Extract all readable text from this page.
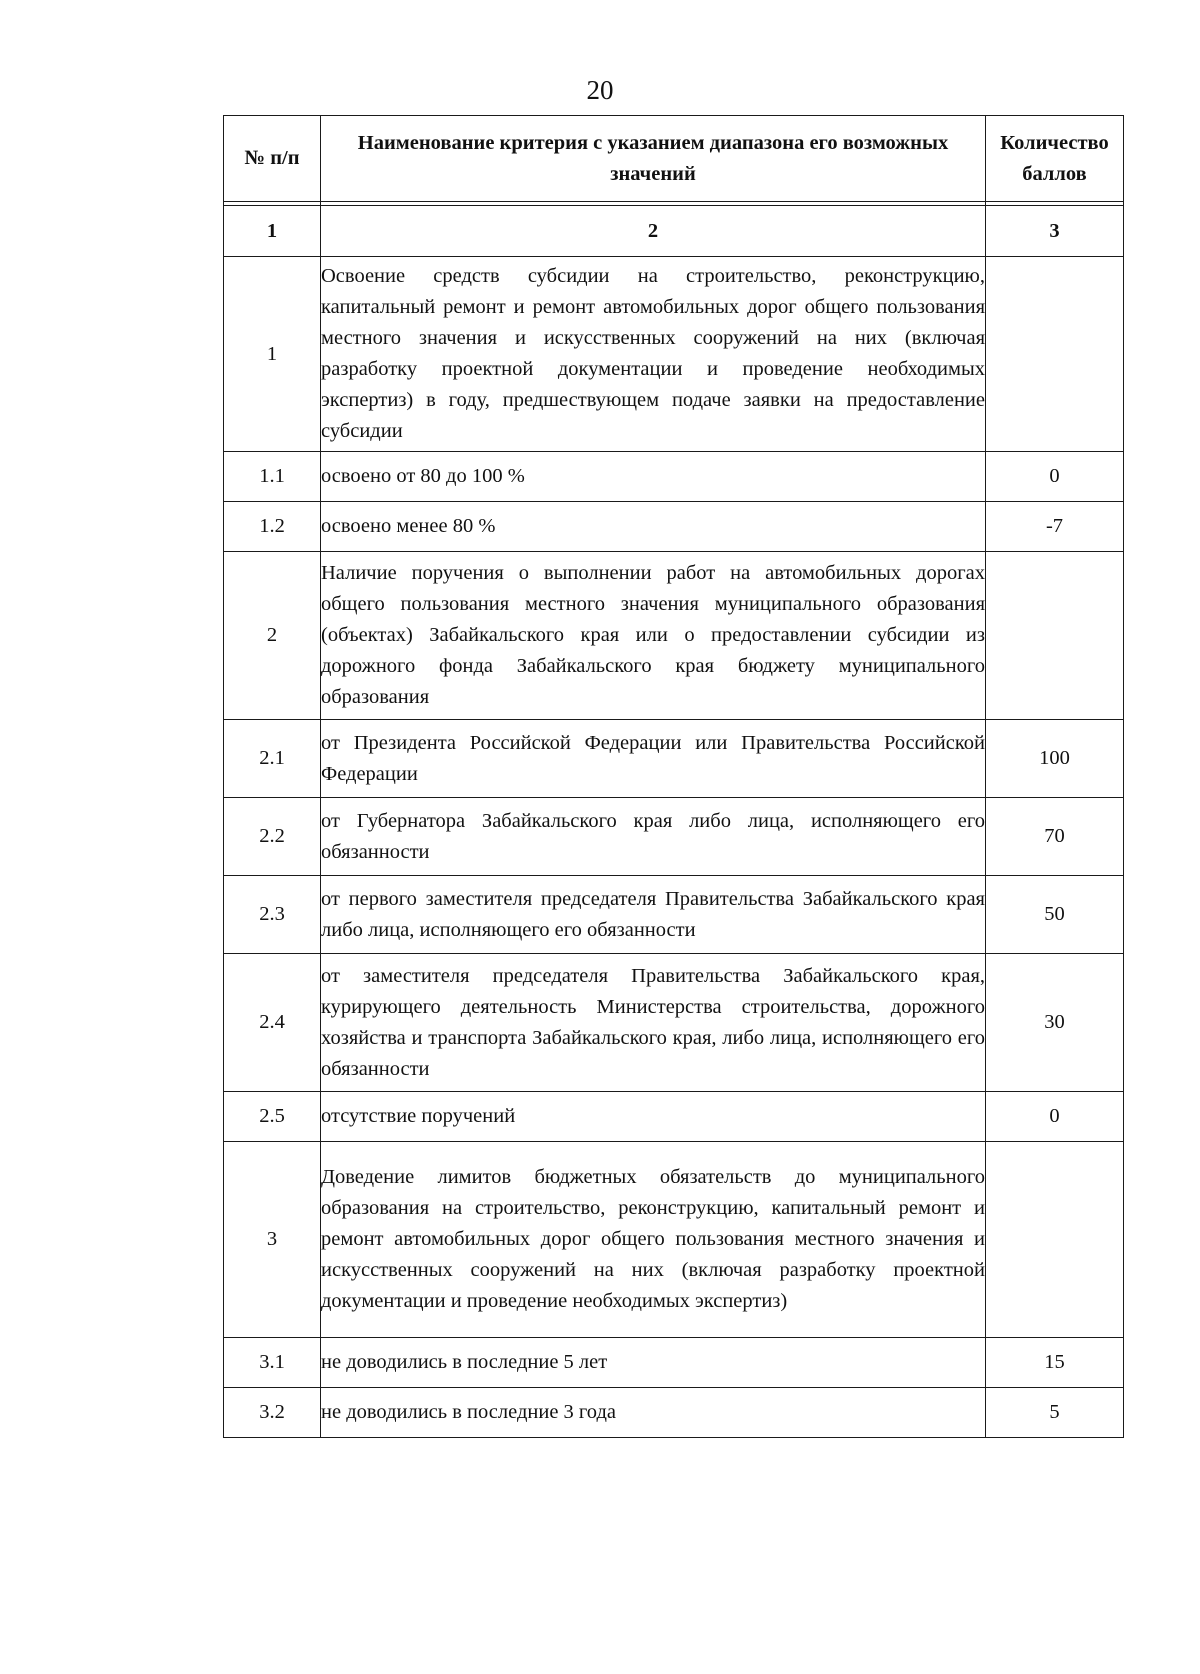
20
№ п/п	Наименование критерия с указанием диапазона его возможных значений	Количество баллов

1	2	3
1	Освоение средств субсидии на строительство, реконструкцию, капитальный ремонт и ремонт автомобильных дорог общего пользования местного значения и искусственных сооружений на них (включая разработку проектной документации и проведение необходимых экспертиз) в году, предшествующем подаче заявки на предоставление субсидии	
1.1	освоено от 80 до 100 %	0
1.2	освоено менее 80 %	-7
2	Наличие поручения о выполнении работ на автомобильных дорогах общего пользования местного значения муниципального образования (объектах) Забайкальского края или о предоставлении субсидии из дорожного фонда Забайкальского края бюджету муниципального образования	
2.1	от Президента Российской Федерации или Правительства Российской Федерации	100
2.2	от Губернатора Забайкальского края либо лица, исполняющего его обязанности	70
2.3	от первого заместителя председателя Правительства Забайкальского края либо лица, исполняющего его обязанности	50
2.4	от заместителя председателя Правительства Забайкальского края, курирующего деятельность Министерства строительства, дорожного хозяйства и транспорта Забайкальского края, либо лица, исполняющего его обязанности	30
2.5	отсутствие поручений	0
3	Доведение лимитов бюджетных обязательств до муниципального образования на строительство, реконструкцию, капитальный ремонт и ремонт автомобильных дорог общего пользования местного значения и искусственных сооружений на них (включая разработку проектной документации и проведение необходимых экспертиз)	
3.1	не доводились в последние 5 лет	15
3.2	не доводились в последние 3 года	5
